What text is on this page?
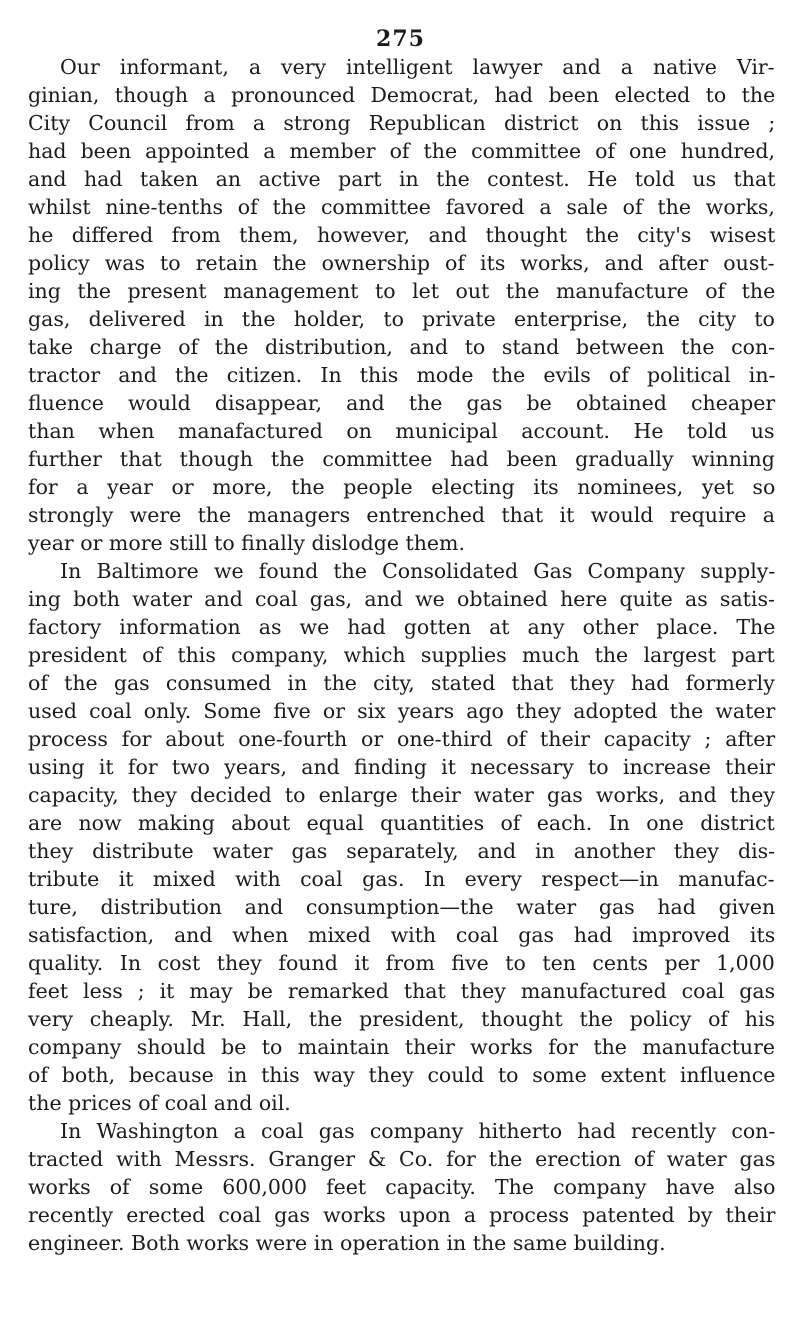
275
Our informant, a very intelligent lawyer and a native Vir-
ginian, though a pronounced Democrat, had been elected to the
City Council from a strong Republican district on this issue ;
had been appointed a member of the committee of one hundred,
and had taken an active part in the contest. He told us that
whilst nine-tenths of the committee favored a sale of the works,
he differed from them, however, and thought the city's wisest
policy was to retain the ownership of its works, and after oust-
ing the present management to let out the manufacture of the
gas, delivered in the holder, to private enterprise, the city to
take charge of the distribution, and to stand between the con-
tractor and the citizen. In this mode the evils of political in-
fluence would disappear, and the gas be obtained cheaper
than when manafactured on municipal account. He told us
further that though the committee had been gradually winning
for a year or more, the people electing its nominees, yet so
strongly were the managers entrenched that it would require a
year or more still to finally dislodge them.
In Baltimore we found the Consolidated Gas Company supply-
ing both water and coal gas, and we obtained here quite as satis-
factory information as we had gotten at any other place. The
president of this company, which supplies much the largest part
of the gas consumed in the city, stated that they had formerly
used coal only. Some five or six years ago they adopted the water
process for about one-fourth or one-third of their capacity ; after
using it for two years, and finding it necessary to increase their
capacity, they decided to enlarge their water gas works, and they
are now making about equal quantities of each. In one district
they distribute water gas separately, and in another they dis-
tribute it mixed with coal gas. In every respect—in manufac-
ture, distribution and consumption—the water gas had given
satisfaction, and when mixed with coal gas had improved its
quality. In cost they found it from five to ten cents per 1,000
feet less ; it may be remarked that they manufactured coal gas
very cheaply. Mr. Hall, the president, thought the policy of his
company should be to maintain their works for the manufacture
of both, because in this way they could to some extent influence
the prices of coal and oil.
In Washington a coal gas company hitherto had recently con-
tracted with Messrs. Granger & Co. for the erection of water gas
works of some 600,000 feet capacity. The company have also
recently erected coal gas works upon a process patented by their
engineer. Both works were in operation in the same building.
